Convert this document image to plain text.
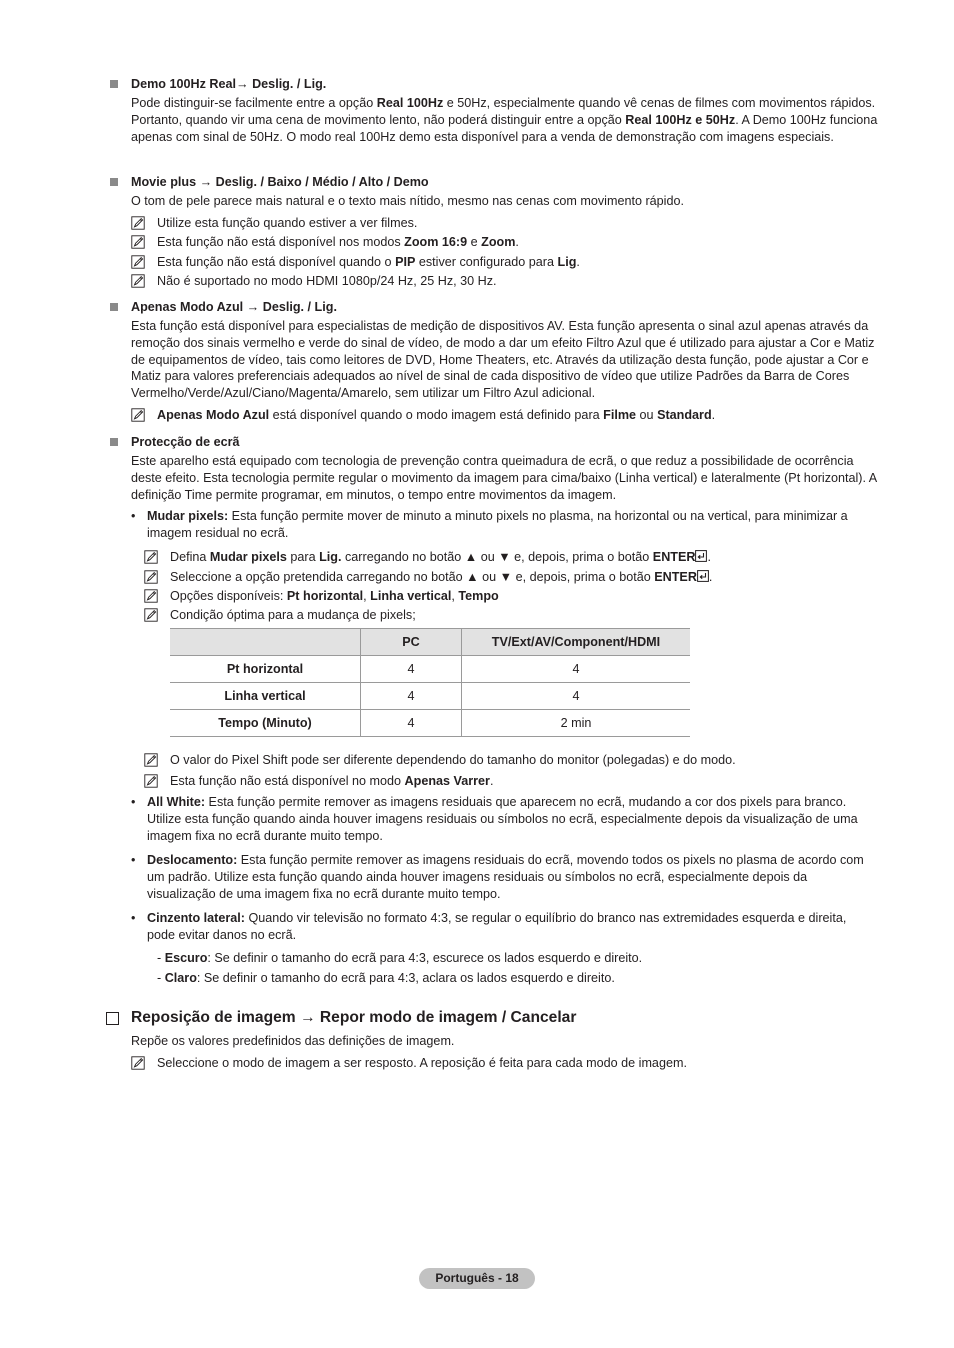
Demo 100Hz Real→ Deslig. / Lig.
Pode distinguir-se facilmente entre a opção Real 100Hz e 50Hz, especialmente quando vê cenas de filmes com movimentos rápidos. Portanto, quando vir uma cena de movimento lento, não poderá distinguir entre a opção Real 100Hz e 50Hz. A Demo 100Hz funciona apenas com sinal de 50Hz. O modo real 100Hz demo esta disponível para a venda de demonstração com imagens especiais.
Movie plus → Deslig. / Baixo / Médio / Alto / Demo
O tom de pele parece mais natural e o texto mais nítido, mesmo nas cenas com movimento rápido.
Utilize esta função quando estiver a ver filmes.
Esta função não está disponível nos modos Zoom 16:9 e Zoom.
Esta função não está disponível quando o PIP estiver configurado para Lig.
Não é suportado no modo HDMI 1080p/24 Hz, 25 Hz, 30 Hz.
Apenas Modo Azul → Deslig. / Lig.
Esta função está disponível para especialistas de medição de dispositivos AV. Esta função apresenta o sinal azul apenas através da remoção dos sinais vermelho e verde do sinal de vídeo, de modo a dar um efeito Filtro Azul que é utilizado para ajustar a Cor e Matiz de equipamentos de vídeo, tais como leitores de DVD, Home Theaters, etc. Através da utilização desta função, pode ajustar a Cor e Matiz para valores preferenciais adequados ao nível de sinal de cada dispositivo de vídeo que utilize Padrões da Barra de Cores Vermelho/Verde/Azul/Ciano/Magenta/Amarelo, sem utilizar um Filtro Azul adicional.
Apenas Modo Azul está disponível quando o modo imagem está definido para Filme ou Standard.
Protecção de ecrã
Este aparelho está equipado com tecnologia de prevenção contra queimadura de ecrã, o que reduz a possibilidade de ocorrência deste efeito. Esta tecnologia permite regular o movimento da imagem para cima/baixo (Linha vertical) e lateralmente (Pt horizontal). A definição Time permite programar, em minutos, o tempo entre movimentos da imagem.
• Mudar pixels: Esta função permite mover de minuto a minuto pixels no plasma, na horizontal ou na vertical, para minimizar a imagem residual no ecrã.
Defina Mudar pixels para Lig. carregando no botão ▲ ou ▼ e, depois, prima o botão ENTER .
Seleccione a opção pretendida carregando no botão ▲ ou ▼ e, depois, prima o botão ENTER .
Opções disponíveis: Pt horizontal, Linha vertical, Tempo
Condição óptima para a mudança de pixels;
	PC	TV/Ext/AV/Component/HDMI
Pt horizontal	4	4
Linha vertical	4	4
Tempo (Minuto)	4	2 min
O valor do Pixel Shift pode ser diferente dependendo do tamanho do monitor (polegadas) e do modo.
Esta função não está disponível no modo Apenas Varrer.
• All White: Esta função permite remover as imagens residuais que aparecem no ecrã, mudando a cor dos pixels para branco. Utilize esta função quando ainda houver imagens residuais ou símbolos no ecrã, especialmente depois da visualização de uma imagem fixa no ecrã durante muito tempo.
• Deslocamento: Esta função permite remover as imagens residuais do ecrã, movendo todos os pixels no plasma de acordo com um padrão. Utilize esta função quando ainda houver imagens residuais ou símbolos no ecrã, especialmente depois da visualização de uma imagem fixa no ecrã durante muito tempo.
• Cinzento lateral: Quando vir televisão no formato 4:3, se regular o equilíbrio do branco nas extremidades esquerda e direita, pode evitar danos no ecrã.
- Escuro: Se definir o tamanho do ecrã para 4:3, escurece os lados esquerdo e direito.
- Claro: Se definir o tamanho do ecrã para 4:3, aclara os lados esquerdo e direito.
Reposição de imagem → Repor modo de imagem / Cancelar
Repõe os valores predefinidos das definições de imagem.
Seleccione o modo de imagem a ser resposto. A reposição é feita para cada modo de imagem.
Português - 18
